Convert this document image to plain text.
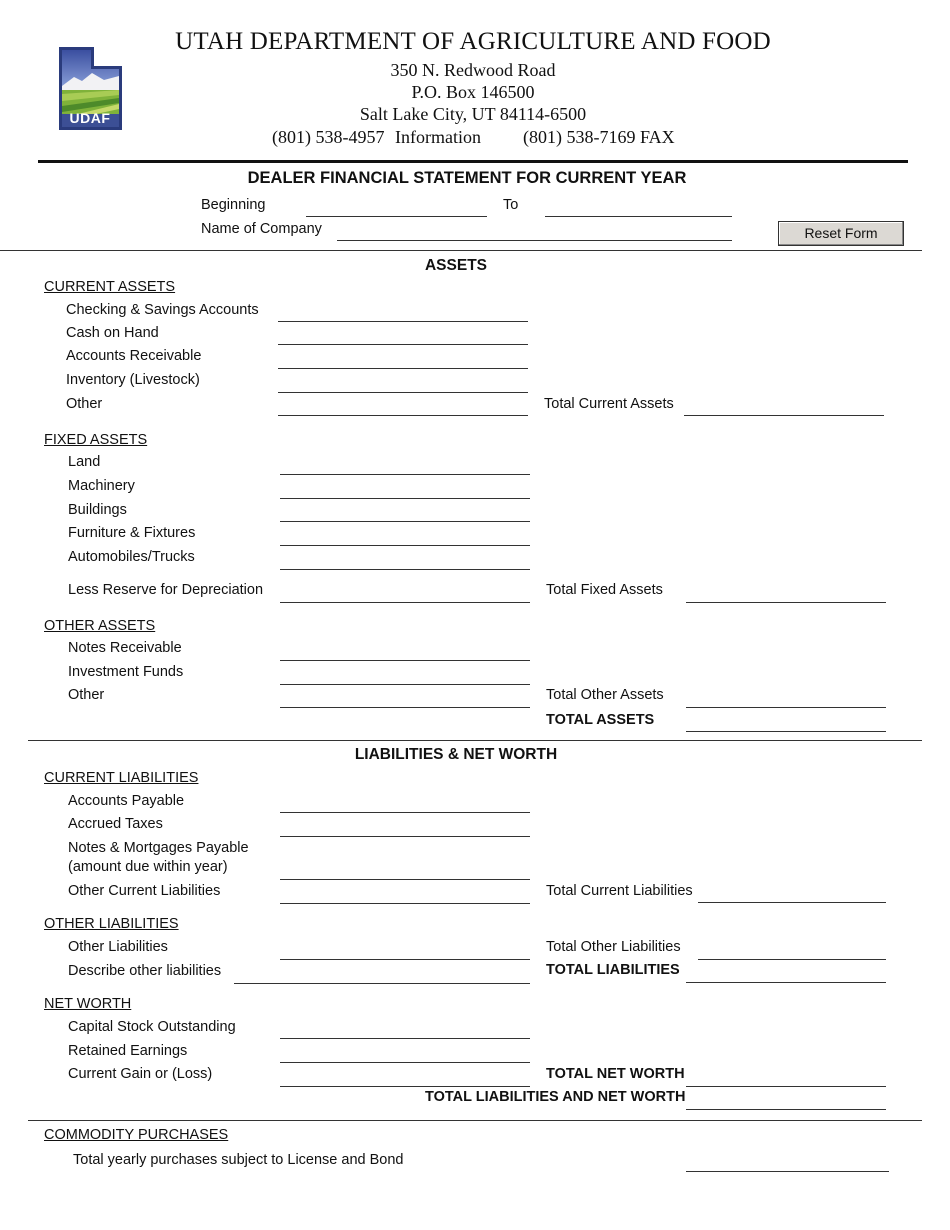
UDAF
UTAH DEPARTMENT OF AGRICULTURE AND FOOD
350 N. Redwood Road
P.O. Box 146500
Salt Lake City, UT 84114-6500
(801) 538-4957 Information (801) 538-7169 FAX
DEALER FINANCIAL STATEMENT FOR CURRENT YEAR
Beginning	To
Name of Company	Reset Form
ASSETS
CURRENT ASSETS
Checking & Savings Accounts
Cash on Hand
Accounts Receivable
Inventory (Livestock)
Other	Total Current Assets
FIXED ASSETS
Land
Machinery
Buildings
Furniture & Fixtures
Automobiles/Trucks
Less Reserve for Depreciation	Total Fixed Assets
OTHER ASSETS
Notes Receivable
Investment Funds
Other	Total Other Assets
TOTAL ASSETS
LIABILITIES & NET WORTH
CURRENT LIABILITIES
Accounts Payable
Accrued Taxes
Notes & Mortgages Payable
(amount due within year)
Other Current Liabilities	Total Current Liabilities
OTHER LIABILITIES
Other Liabilities	Total Other Liabilities
Describe other liabilities	TOTAL LIABILITIES
NET WORTH
Capital Stock Outstanding
Retained Earnings
Current Gain or (Loss)	TOTAL NET WORTH
TOTAL LIABILITIES AND NET WORTH
COMMODITY PURCHASES
Total yearly purchases subject to License and Bond
